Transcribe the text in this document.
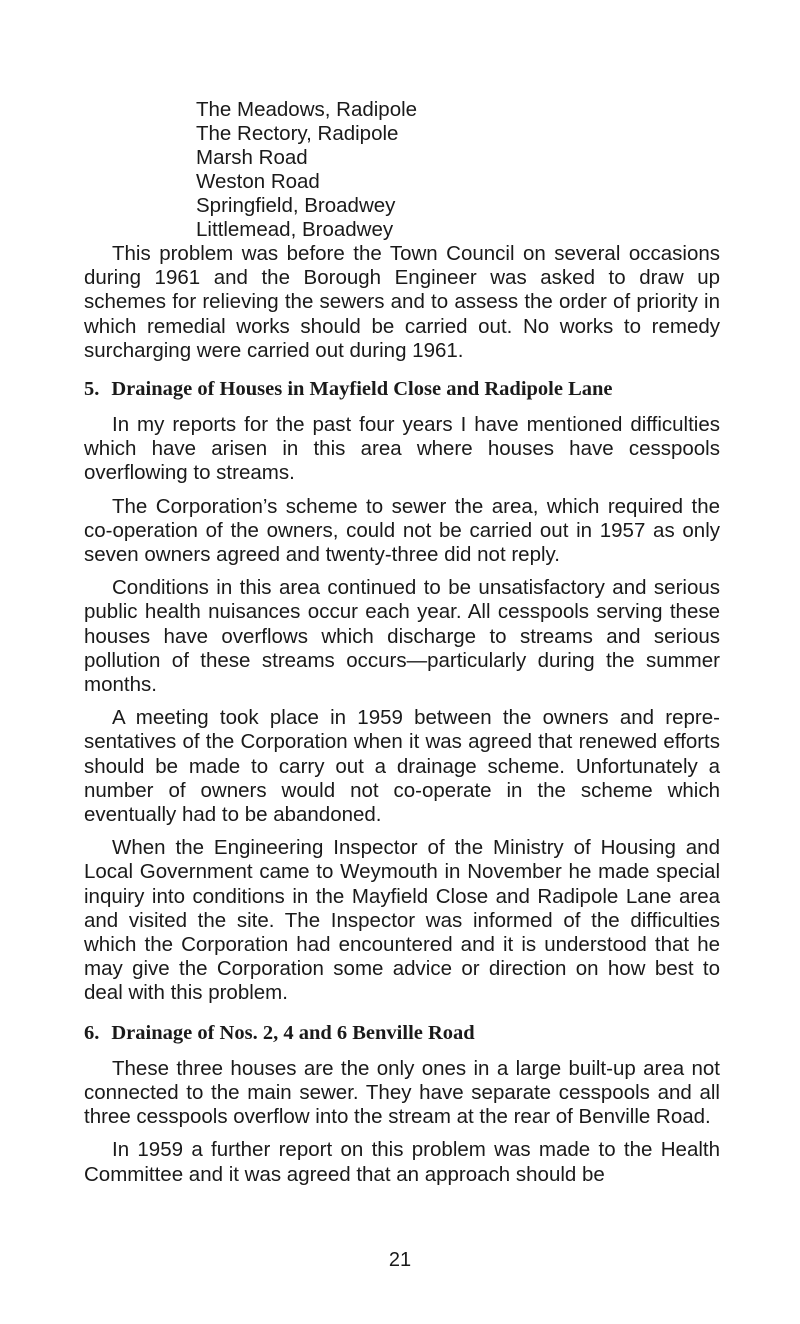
The Meadows, Radipole
The Rectory, Radipole
Marsh Road
Weston Road
Springfield, Broadwey
Littlemead, Broadwey

This problem was before the Town Council on several occasions during 1961 and the Borough Engineer was asked to draw up schemes for relieving the sewers and to assess the order of priority in which remedial works should be carried out. No works to remedy surcharging were carried out during 1961.

5. Drainage of Houses in Mayfield Close and Radipole Lane

In my reports for the past four years I have mentioned difficulties which have arisen in this area where houses have cesspools overflowing to streams.

The Corporation’s scheme to sewer the area, which required the co-operation of the owners, could not be carried out in 1957 as only seven owners agreed and twenty-three did not reply.

Conditions in this area continued to be unsatisfactory and serious public health nuisances occur each year. All cesspools serving these houses have overflows which discharge to streams and serious pollution of these streams occurs—particularly during the summer months.

A meeting took place in 1959 between the owners and representatives of the Corporation when it was agreed that renewed efforts should be made to carry out a drainage scheme. Unfortunately a number of owners would not co-operate in the scheme which eventually had to be abandoned.

When the Engineering Inspector of the Ministry of Housing and Local Government came to Weymouth in November he made special inquiry into conditions in the Mayfield Close and Radipole Lane area and visited the site. The Inspector was informed of the difficulties which the Corporation had encountered and it is understood that he may give the Corporation some advice or direction on how best to deal with this problem.

6. Drainage of Nos. 2, 4 and 6 Benville Road

These three houses are the only ones in a large built-up area not connected to the main sewer. They have separate cesspools and all three cesspools overflow into the stream at the rear of Benville Road.

In 1959 a further report on this problem was made to the Health Committee and it was agreed that an approach should be

21
